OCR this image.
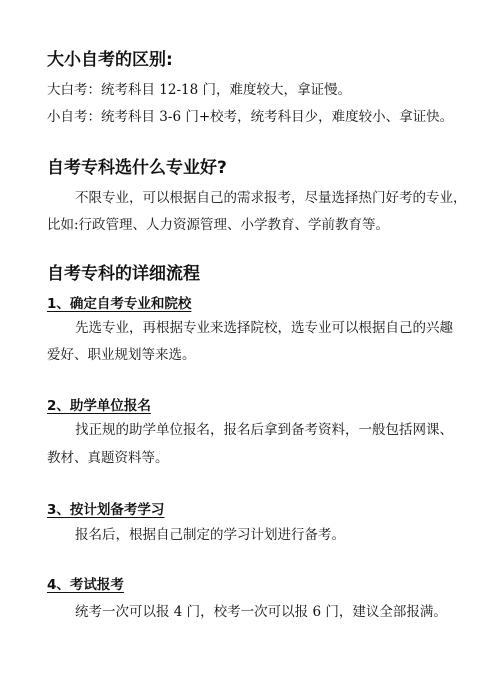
大小自考的区别:
大白考：统考科目 12-18 门，难度较大，拿证慢。
小自考：统考科目 3-6 门+校考，统考科目少，难度较小、拿证快。
自考专科选什么专业好?
不限专业，可以根据自己的需求报考，尽量选择热门好考的专业，
比如:行政管理、人力资源管理、小学教育、学前教育等。
自考专科的详细流程
1、确定自考专业和院校
先选专业，再根据专业来选择院校，选专业可以根据自己的兴趣
爱好、职业规划等来选。
2、助学单位报名
找正规的助学单位报名，报名后拿到备考资料，一般包括网课、
教材、真题资料等。
3、按计划备考学习
报名后，根据自己制定的学习计划进行备考。
4、考试报考
统考一次可以报 4 门，校考一次可以报 6 门，建议全部报满。
